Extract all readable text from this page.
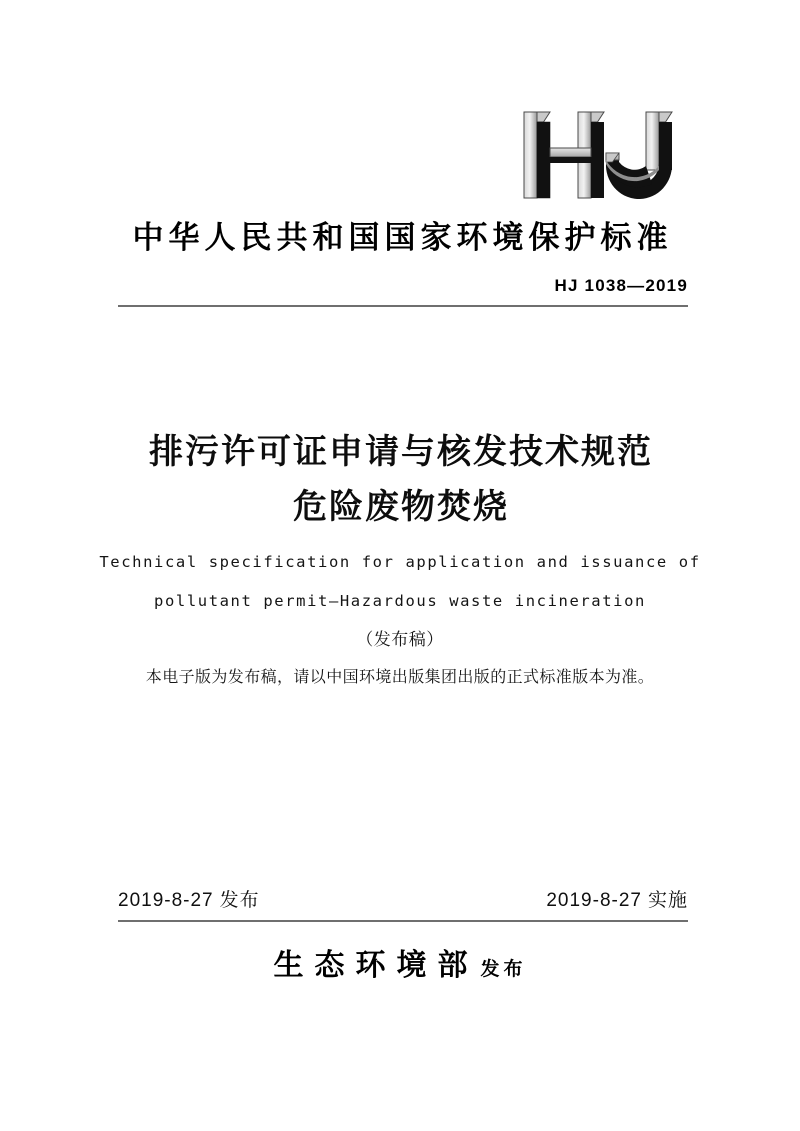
中华人民共和国国家环境保护标准
HJ 1038—2019
排污许可证申请与核发技术规范
危险废物焚烧
Technical specification for application and issuance of
pollutant permit—Hazardous waste incineration
（发布稿）
本电子版为发布稿，请以中国环境出版集团出版的正式标准版本为准。
2019-8-27 发布	2019-8-27 实施
生态环境部 发布
